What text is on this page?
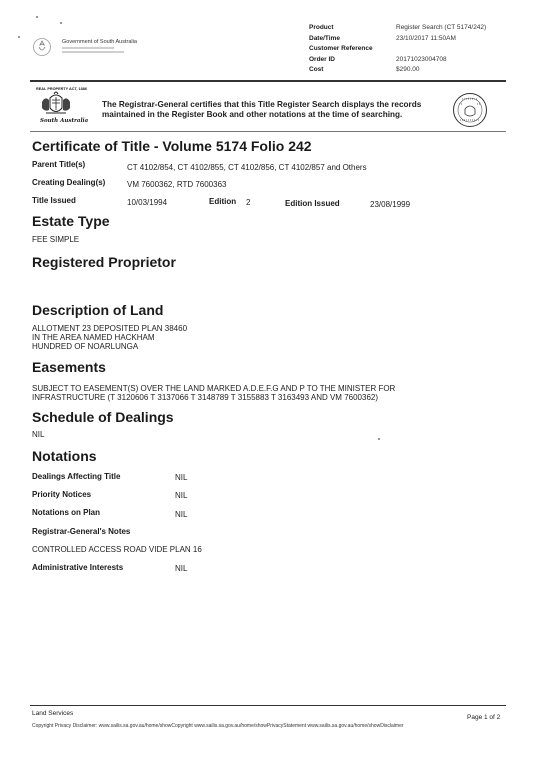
Government of South Australia
Product	Register Search (CT 5174/242)
Date/Time	23/10/2017 11:50AM
Customer Reference	
Order ID	20171023004708
Cost	$290.00
REAL PROPERTY ACT, 1886
South Australia
The Registrar-General certifies that this Title Register Search displays the records maintained in the Register Book and other notations at the time of searching.
Certificate of Title - Volume 5174 Folio 242
Parent Title(s)	CT 4102/854, CT 4102/855, CT 4102/856, CT 4102/857 and Others
Creating Dealing(s)	VM 7600362, RTD 7600363
Title Issued	10/03/1994	Edition 2	Edition Issued	23/08/1999
Estate Type
FEE SIMPLE
Registered Proprietor
Description of Land
ALLOTMENT 23 DEPOSITED PLAN 38460
IN THE AREA NAMED HACKHAM
HUNDRED OF NOARLUNGA
Easements
SUBJECT TO EASEMENT(S) OVER THE LAND MARKED A.D.E.F.G AND P TO THE MINISTER FOR
INFRASTRUCTURE (T 3120606 T 3137066 T 3148789 T 3155883 T 3163493 AND VM 7600362)
Schedule of Dealings
NIL
Notations
Dealings Affecting Title	NIL
Priority Notices	NIL
Notations on Plan	NIL
Registrar-General's Notes
CONTROLLED ACCESS ROAD VIDE PLAN 16
Administrative Interests	NIL
Land Services
Page 1 of 2
Copyright Privacy Disclaimer: www.sailis.sa.gov.au/home/showCopyright www.sailis.sa.gov.au/home/showPrivacyStatement www.sailis.sa.gov.au/home/showDisclaimer
